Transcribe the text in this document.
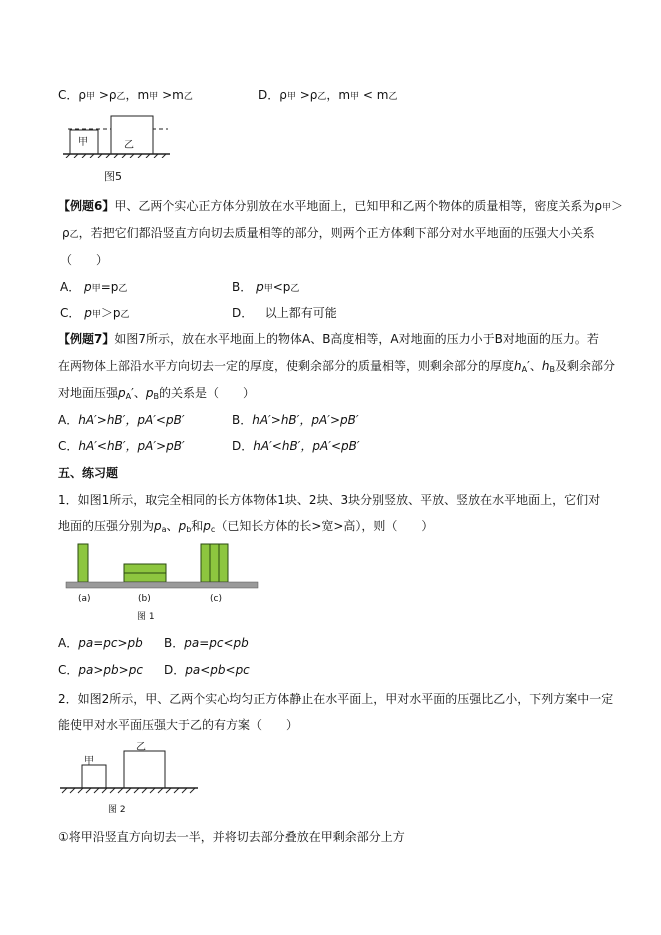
C．ρ甲 >ρ乙，m甲 >m乙	D．ρ甲 >ρ乙，m甲 < m乙
甲	乙
图5
【例题6】甲、乙两个实心正方体分别放在水平地面上，已知甲和乙两个物体的质量相等，密度关系为ρ甲＞
ρ乙，若把它们都沿竖直方向切去质量相等的部分，则两个正方体剩下部分对水平地面的压强大小关系
（　　）
A． p甲=p乙	B． p甲<p乙
C． p甲＞p乙	D． 以上都有可能
【例题7】如图7所示，放在水平地面上的物体A、B高度相等，A对地面的压力小于B对地面的压力。若
在两物体上部沿水平方向切去一定的厚度，使剩余部分的质量相等，则剩余部分的厚度$h_A'$、$h_B$及剩余部分
对地面压强$p_A'$、$p_B$的关系是（　　）
A．hA′>hB′，pA′<pB′	B．hA′>hB′，pA′>pB′
C．hA′<hB′，pA′>pB′	D．hA′<hB′，pA′<pB′
五、练习题
1．如图1所示，取完全相同的长方体物体1块、2块、3块分别竖放、平放、竖放在水平地面上，它们对
地面的压强分别为$p_a$、$p_b$和$p_c$（已知长方体的长>宽>高），则（　　）
(a)	(b)	(c)
图 1
A．pa=pc>pb B．pa=pc<pb
C．pa>pb>pc D．pa<pb<pc
2．如图2所示，甲、乙两个实心均匀正方体静止在水平面上，甲对水平面的压强比乙小，下列方案中一定
能使甲对水平面压强大于乙的有方案（　　）
甲
乙
图 2
①将甲沿竖直方向切去一半，并将切去部分叠放在甲剩余部分上方
